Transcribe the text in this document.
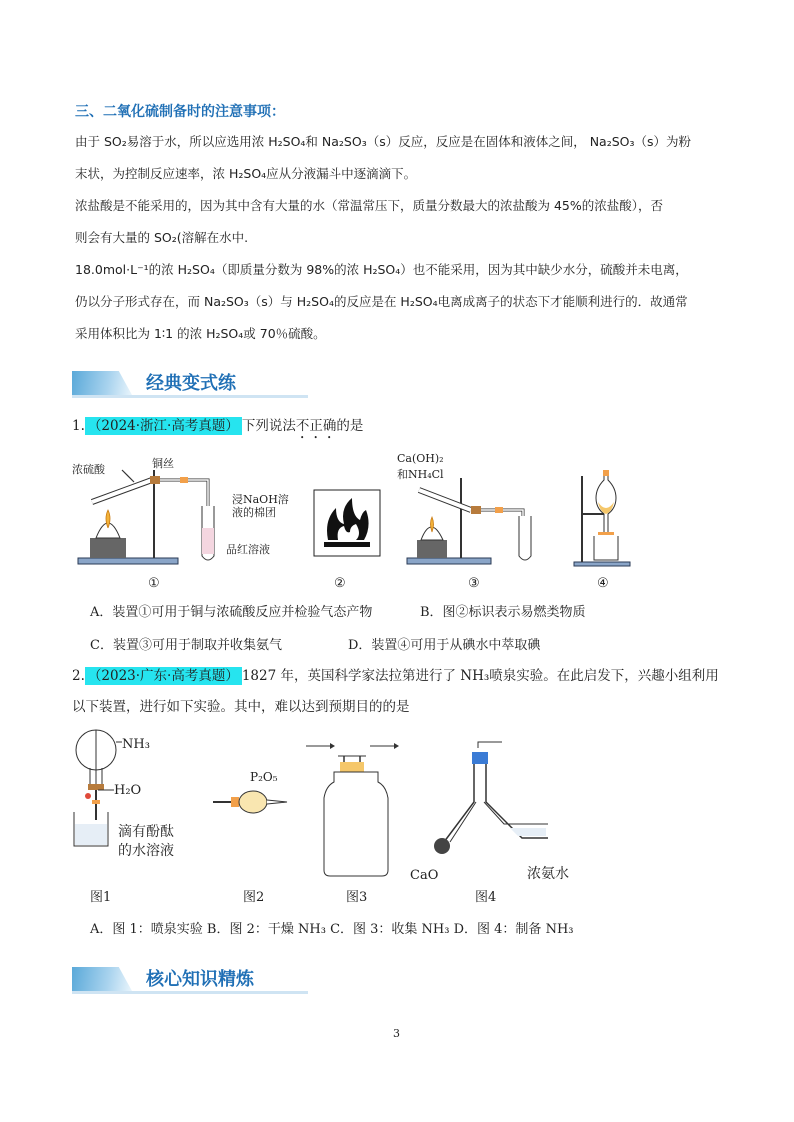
三、二氧化硫制备时的注意事项：
由于 SO₂易溶于水，所以应选用浓 H₂SO₄和 Na₂SO₃（s）反应，反应是在固体和液体之间， Na₂SO₃（s）为粉
末状，为控制反应速率，浓 H₂SO₄应从分液漏斗中逐滴滴下。
浓盐酸是不能采用的，因为其中含有大量的水（常温常压下，质量分数最大的浓盐酸为 45%的浓盐酸），否
则会有大量的 SO₂(溶解在水中.
18.0mol·L⁻¹的浓 H₂SO₄（即质量分数为 98%的浓 H₂SO₄）也不能采用，因为其中缺少水分，硫酸并未电离，
仍以分子形式存在，而 Na₂SO₃（s）与 H₂SO₄的反应是在 H₂SO₄电离成离子的状态下才能顺利进行的．故通常
采用体积比为 1∶1 的浓 H₂SO₄或 70％硫酸。
经典变式练
1. （2024·浙江·高考真题） 下列说法不正确的是
浓硫酸	铜丝
浸NaOH溶
液的棉团
品红溶液
①	②
Ca(OH)₂
和NH₄Cl
③	④
A．装置①可用于铜与浓硫酸反应并检验气态产物	B．图②标识表示易燃类物质
C．装置③可用于制取并收集氨气	D．装置④可用于从碘水中萃取碘
2. （2023·广东·高考真题） 1827 年，英国科学家法拉第进行了 NH₃喷泉实验。在此启发下，兴趣小组利用
以下装置，进行如下实验。其中，难以达到预期目的的是
NH₃
H₂O
滴有酚酞
的水溶液
图1
P₂O₅
图2	图3
CaO	浓氨水
图4
A．图 1：喷泉实验 B．图 2：干燥 NH₃ C．图 3：收集 NH₃ D．图 4：制备 NH₃
核心知识精炼
3
